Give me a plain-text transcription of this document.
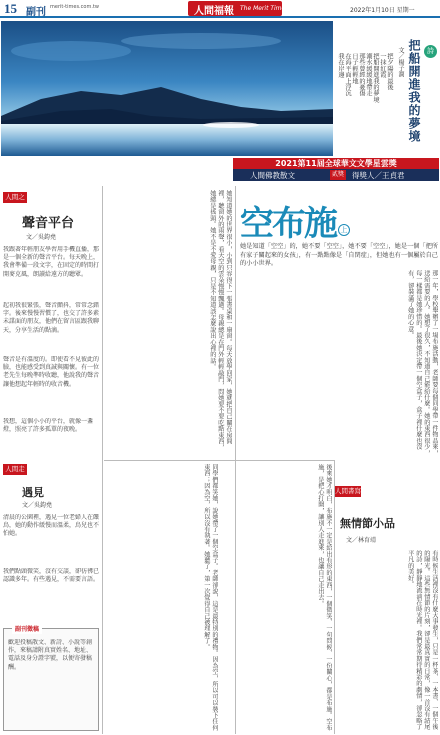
15 副刊 merit-times.com.tw	人間福報 The Merit Times	2022年1月10日 星期一
詩
把船開進我的夢境
文／楊子澗
把夕陽的最後
一抹紅霞
把船開進我的夢境
潮水緩緩地帶走
那些曾經的憂傷
日子輕輕地
在海平面上浮沉
我在岸邊
2021第11屆全球華文文學星雲獎
人間佛教散文	貳獎 得獎人／王貞君
空布施 上
她是知道「空空」的，她不要「空空」，她不要「空空」，她是一個「把所有家子關起來的女孩」，有一點點像是「自閉症」，但她也有一個屬於自己的小小世界。
人間之聲
聲音平台
文／吳鈞堯
我跟著年輕朋友學習用手機直播，那是一個全新的聲音平台。每天晚上，我會準備一段文字，在固定的時間打開麥克風，朗讀給遠方的聽眾。
起初我很緊張，聲音顫抖，常常念錯字。後來慢慢習慣了，也交了許多素未謀面的朋友，他們在留言區跟我聊天，分享生活的點滴。
聲音是有溫度的。即使看不見彼此的臉，也能感受到真誠與關懷。有一位老先生每晚準時收聽，他說我的聲音讓他想起年輕時的收音機。
我想，這個小小的平台，就像一盞燈，照亮了許多孤單的夜晚。
人間走讀
遇見
文／吳鈞堯
清晨的公園裡，遇見一位老婦人在餵鳥，她的動作緩慢而溫柔，鳥兒也不怕她。
我們點頭微笑，沒有交談，卻彷彿已認識多年。有些遇見，不需要言語。
歡迎投稿散文、新詩、小說等創作，來稿請附真實姓名、地址、電話及身分證字號，以便寄發稿酬。
副刊徵稿
她知道她的世界很小，小到只容得下一張書桌和一扇窗。每天放學回家，她就把自己關在房間裡，聽窗外的雨聲，看天空的雲朵慢慢飄過。母親總是在門外輕輕敲門，問她要不要吃點東西，她總是搖頭。她不是不愛母親，只是不知道該怎麼說出心裡的話。	那一年，學校舉辦了一場布施活動，老師要每個同學帶一件物品來，送給需要的人。她想了很久，不知道自己能給什麼。她的東西很少，每一樣都是她珍惜的。最後她決定帶一個空盒子，盒子裡什麼也沒有，卻裝滿了她的心意。
同學們都笑她，說她帶了一個空盒子。老師卻說，這是最特別的禮物。因為空，所以可以裝下任何東西；因為空，所以沒有執著。她聽了，第一次覺得自己被理解了。	後來她才明白，布施不一定是給出有形的東西，一個微笑、一句問候、一份關心，都是布施。空布施，是把心打開，讓別人走進來，也讓自己走出去。	人間書寫
無情節小品
文／林育靖
有時候生活裡沒有什麼大事發生，只是一杯茶、一本書、一個午後的陽光。這些無情節的片刻，卻是最真實的日常，像一首沒有結尾的詩，靜靜地流淌在時光裡。我們常常期待精彩的劇情，卻忽略了平凡的美好。
